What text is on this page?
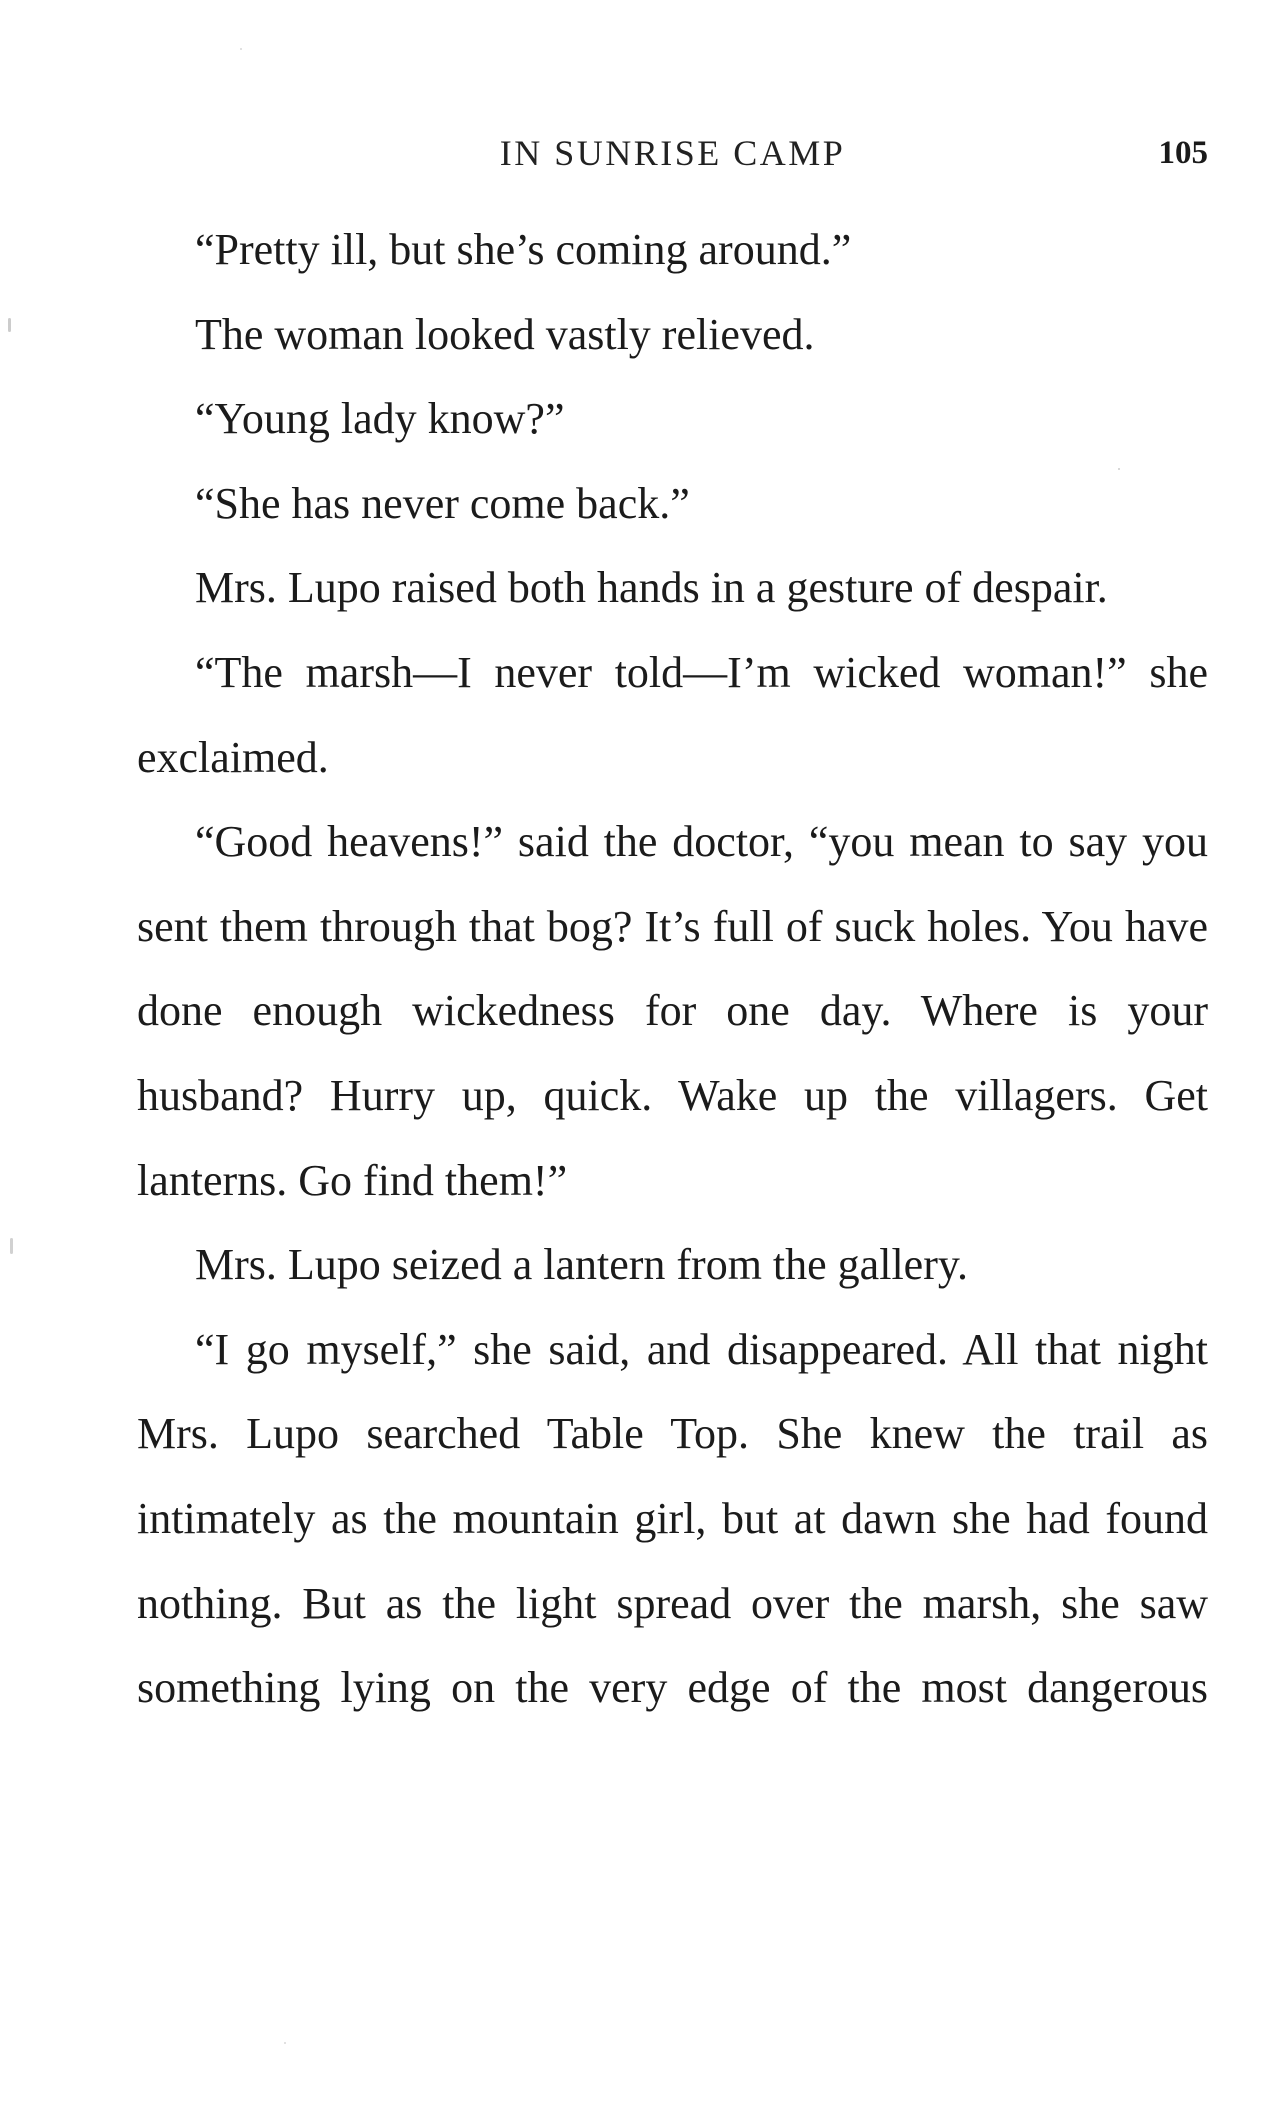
IN SUNRISE CAMP	105

“Pretty ill, but she’s coming around.”

The woman looked vastly relieved.

“Young lady know?”

“She has never come back.”

Mrs. Lupo raised both hands in a gesture of despair.

“The marsh—I never told—I’m wicked woman!” she exclaimed.

“Good heavens!” said the doctor, “you mean to say you sent them through that bog? It’s full of suck holes. You have done enough wickedness for one day. Where is your husband? Hurry up, quick. Wake up the villagers. Get lanterns. Go find them!”

Mrs. Lupo seized a lantern from the gallery.

“I go myself,” she said, and disappeared. All that night Mrs. Lupo searched Table Top. She knew the trail as intimately as the mountain girl, but at dawn she had found nothing. But as the light spread over the marsh, she saw something lying on the very edge of the most dangerous
